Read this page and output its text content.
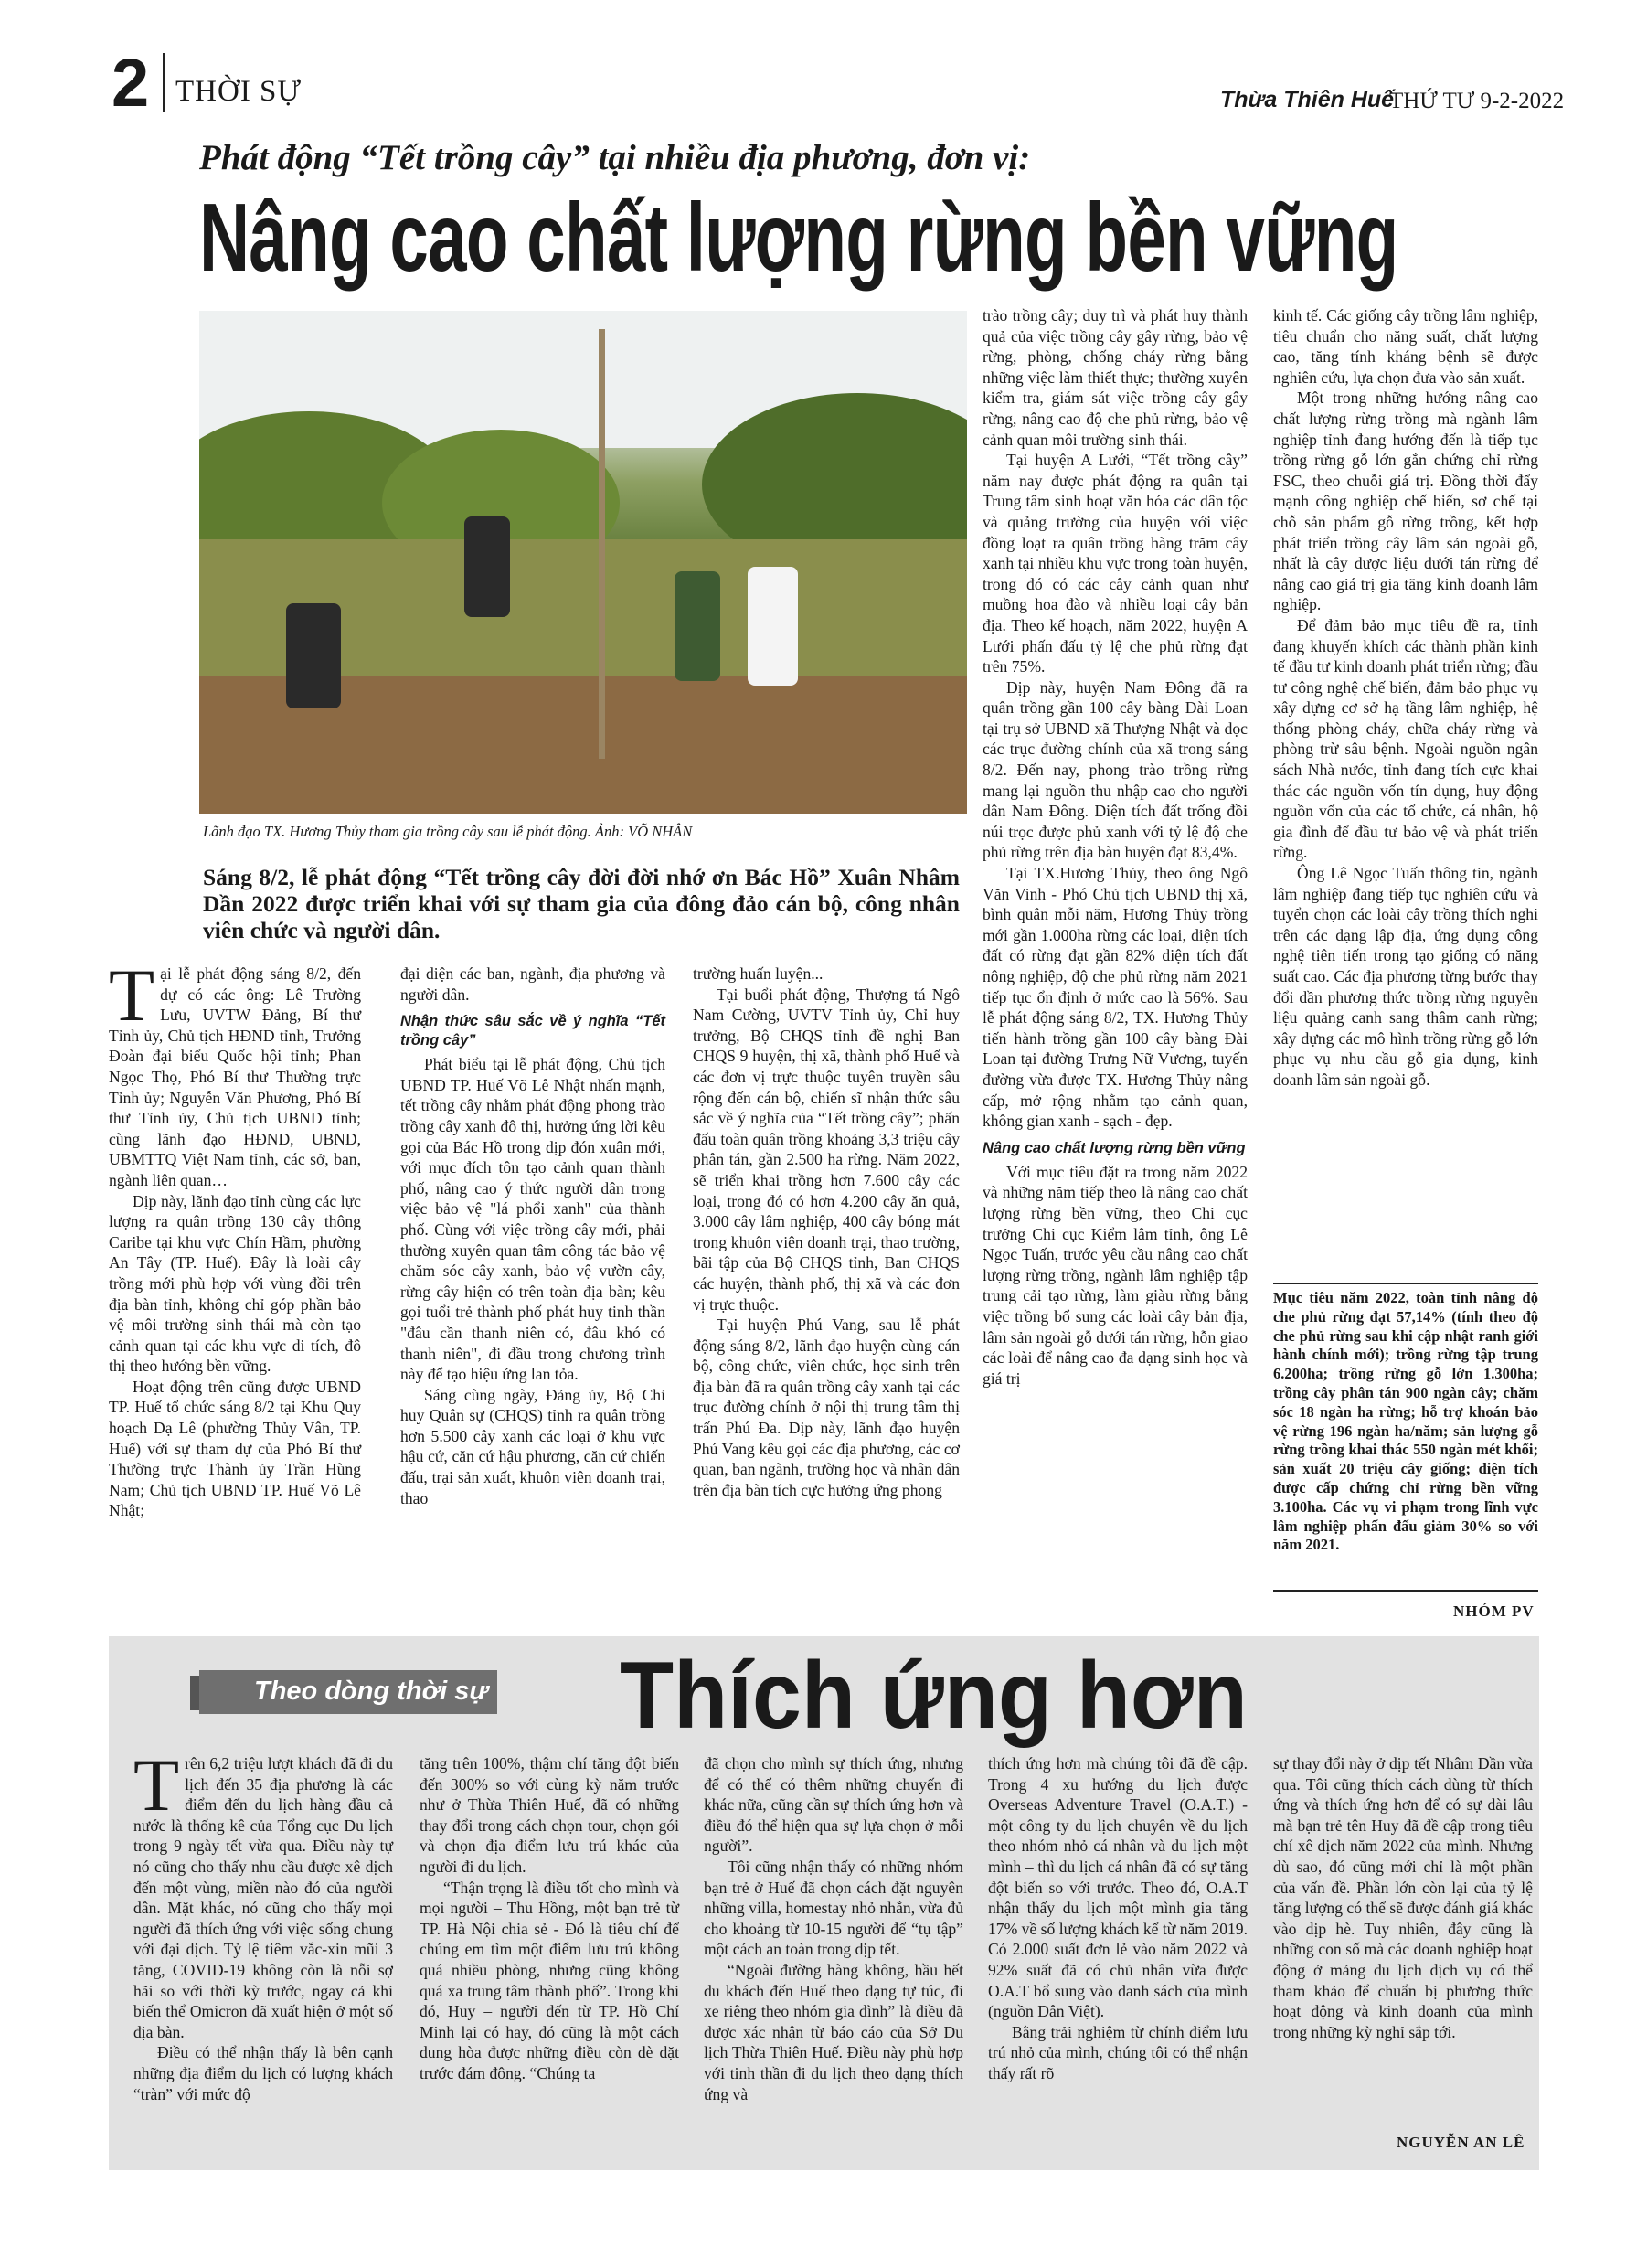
2 THỜI SỰ	Thừa Thiên Huế
THỨ TƯ 9-2-2022
Phát động “Tết trồng cây” tại nhiều địa phương, đơn vị:
Nâng cao chất lượng rừng bền vững
Lãnh đạo TX. Hương Thủy tham gia trồng cây sau lễ phát động. Ảnh: VÕ NHÂN
Sáng 8/2, lễ phát động “Tết trồng cây đời đời nhớ ơn Bác Hồ” Xuân Nhâm Dần 2022 được triển khai với sự tham gia của đông đảo cán bộ, công nhân viên chức và người dân.

Tại lễ phát động sáng 8/2, đến dự có các ông: Lê Trường Lưu, UVTW Đảng, Bí thư Tỉnh ủy, Chủ tịch HĐND tỉnh, Trưởng Đoàn đại biểu Quốc hội tỉnh; Phan Ngọc Thọ, Phó Bí thư Thường trực Tỉnh ủy; Nguyễn Văn Phương, Phó Bí thư Tỉnh ủy, Chủ tịch UBND tỉnh; cùng lãnh đạo HĐND, UBND, UBMTTQ Việt Nam tỉnh, các sở, ban, ngành liên quan…

Dịp này, lãnh đạo tỉnh cùng các lực lượng ra quân trồng 130 cây thông Caribe tại khu vực Chín Hầm, phường An Tây (TP. Huế). Đây là loài cây trồng mới phù hợp với vùng đồi trên địa bàn tỉnh, không chỉ góp phần bảo vệ môi trường sinh thái mà còn tạo cảnh quan tại các khu vực di tích, đô thị theo hướng bền vững.

Hoạt động trên cũng được UBND TP. Huế tổ chức sáng 8/2 tại Khu Quy hoạch Dạ Lê (phường Thủy Vân, TP. Huế) với sự tham dự của Phó Bí thư Thường trực Thành ủy Trần Hùng Nam; Chủ tịch UBND TP. Huế Võ Lê Nhật;

đại diện các ban, ngành, địa phương và người dân.

Nhận thức sâu sắc về ý nghĩa “Tết trồng cây”

Phát biểu tại lễ phát động, Chủ tịch UBND TP. Huế Võ Lê Nhật nhấn mạnh, tết trồng cây nhằm phát động phong trào trồng cây xanh đô thị, hưởng ứng lời kêu gọi của Bác Hồ trong dịp đón xuân mới, với mục đích tôn tạo cảnh quan thành phố, nâng cao ý thức người dân trong việc bảo vệ "lá phổi xanh" của thành phố. Cùng với việc trồng cây mới, phải thường xuyên quan tâm công tác bảo vệ chăm sóc cây xanh, bảo vệ vườn cây, rừng cây hiện có trên toàn địa bàn; kêu gọi tuổi trẻ thành phố phát huy tinh thần "đâu cần thanh niên có, đâu khó có thanh niên", đi đầu trong chương trình này để tạo hiệu ứng lan tỏa.

Sáng cùng ngày, Đảng ủy, Bộ Chỉ huy Quân sự (CHQS) tỉnh ra quân trồng hơn 5.500 cây xanh các loại ở khu vực hậu cứ, căn cứ hậu phương, căn cứ chiến đấu, trại sản xuất, khuôn viên doanh trại, thao

trường huấn luyện...

Tại buổi phát động, Thượng tá Ngô Nam Cường, UVTV Tỉnh ủy, Chỉ huy trưởng, Bộ CHQS tỉnh đề nghị Ban CHQS 9 huyện, thị xã, thành phố Huế và các đơn vị trực thuộc tuyên truyền sâu rộng đến cán bộ, chiến sĩ nhận thức sâu sắc về ý nghĩa của “Tết trồng cây”; phấn đấu toàn quân trồng khoảng 3,3 triệu cây phân tán, gần 2.500 ha rừng. Năm 2022, sẽ triển khai trồng hơn 7.600 cây các loại, trong đó có hơn 4.200 cây ăn quả, 3.000 cây lâm nghiệp, 400 cây bóng mát trong khuôn viên doanh trại, thao trường, bãi tập của Bộ CHQS tỉnh, Ban CHQS các huyện, thành phố, thị xã và các đơn vị trực thuộc.

Tại huyện Phú Vang, sau lễ phát động sáng 8/2, lãnh đạo huyện cùng cán bộ, công chức, viên chức, học sinh trên địa bàn đã ra quân trồng cây xanh tại các trục đường chính ở nội thị trung tâm thị trấn Phú Đa. Dịp này, lãnh đạo huyện Phú Vang kêu gọi các địa phương, các cơ quan, ban ngành, trường học và nhân dân trên địa bàn tích cực hưởng ứng phong

trào trồng cây; duy trì và phát huy thành quả của việc trồng cây gây rừng, bảo vệ rừng, phòng, chống cháy rừng bằng những việc làm thiết thực; thường xuyên kiểm tra, giám sát việc trồng cây gây rừng, nâng cao độ che phủ rừng, bảo vệ cảnh quan môi trường sinh thái.

Tại huyện A Lưới, “Tết trồng cây” năm nay được phát động ra quân tại Trung tâm sinh hoạt văn hóa các dân tộc và quảng trường của huyện với việc đồng loạt ra quân trồng hàng trăm cây xanh tại nhiều khu vực trong toàn huyện, trong đó có các cây cảnh quan như muồng hoa đào và nhiều loại cây bản địa. Theo kế hoạch, năm 2022, huyện A Lưới phấn đấu tỷ lệ che phủ rừng đạt trên 75%.

Dịp này, huyện Nam Đông đã ra quân trồng gần 100 cây bàng Đài Loan tại trụ sở UBND xã Thượng Nhật và dọc các trục đường chính của xã trong sáng 8/2. Đến nay, phong trào trồng rừng mang lại nguồn thu nhập cao cho người dân Nam Đông. Diện tích đất trống đồi núi trọc được phủ xanh với tỷ lệ độ che phủ rừng trên địa bàn huyện đạt 83,4%.

Tại TX.Hương Thủy, theo ông Ngô Văn Vinh - Phó Chủ tịch UBND thị xã, bình quân mỗi năm, Hương Thủy trồng mới gần 1.000ha rừng các loại, diện tích đất có rừng đạt gần 82% diện tích đất nông nghiệp, độ che phủ rừng năm 2021 tiếp tục ổn định ở mức cao là 56%. Sau lễ phát động sáng 8/2, TX. Hương Thủy tiến hành trồng gần 100 cây bàng Đài Loan tại đường Trưng Nữ Vương, tuyến đường vừa được TX. Hương Thủy nâng cấp, mở rộng nhằm tạo cảnh quan, không gian xanh - sạch - đẹp.

Nâng cao chất lượng rừng bền vững

Với mục tiêu đặt ra trong năm 2022 và những năm tiếp theo là nâng cao chất lượng rừng bền vững, theo Chi cục trưởng Chi cục Kiểm lâm tỉnh, ông Lê Ngọc Tuấn, trước yêu cầu nâng cao chất lượng rừng trồng, ngành lâm nghiệp tập trung cải tạo rừng, làm giàu rừng bằng việc trồng bổ sung các loài cây bản địa, lâm sản ngoài gỗ dưới tán rừng, hỗn giao các loài để nâng cao đa dạng sinh học và giá trị

kinh tế. Các giống cây trồng lâm nghiệp, tiêu chuẩn cho năng suất, chất lượng cao, tăng tính kháng bệnh sẽ được nghiên cứu, lựa chọn đưa vào sản xuất.

Một trong những hướng nâng cao chất lượng rừng trồng mà ngành lâm nghiệp tỉnh đang hướng đến là tiếp tục trồng rừng gỗ lớn gắn chứng chỉ rừng FSC, theo chuỗi giá trị. Đồng thời đẩy mạnh công nghiệp chế biến, sơ chế tại chỗ sản phẩm gỗ rừng trồng, kết hợp phát triển trồng cây lâm sản ngoài gỗ, nhất là cây dược liệu dưới tán rừng để nâng cao giá trị gia tăng kinh doanh lâm nghiệp.

Để đảm bảo mục tiêu đề ra, tỉnh đang khuyến khích các thành phần kinh tế đầu tư kinh doanh phát triển rừng; đầu tư công nghệ chế biến, đảm bảo phục vụ xây dựng cơ sở hạ tầng lâm nghiệp, hệ thống phòng cháy, chữa cháy rừng và phòng trừ sâu bệnh. Ngoài nguồn ngân sách Nhà nước, tỉnh đang tích cực khai thác các nguồn vốn tín dụng, huy động nguồn vốn của các tổ chức, cá nhân, hộ gia đình để đầu tư bảo vệ và phát triển rừng.

Ông Lê Ngọc Tuấn thông tin, ngành lâm nghiệp đang tiếp tục nghiên cứu và tuyển chọn các loài cây trồng thích nghi trên các dạng lập địa, ứng dụng công nghệ tiên tiến trong tạo giống có năng suất cao. Các địa phương từng bước thay đổi dần phương thức trồng rừng nguyên liệu quảng canh sang thâm canh rừng; xây dựng các mô hình trồng rừng gỗ lớn phục vụ nhu cầu gỗ gia dụng, kinh doanh lâm sản ngoài gỗ.

Mục tiêu năm 2022, toàn tỉnh nâng độ che phủ rừng đạt 57,14% (tính theo độ che phủ rừng sau khi cập nhật ranh giới hành chính mới); trồng rừng tập trung 6.200ha; trồng rừng gỗ lớn 1.300ha; trồng cây phân tán 900 ngàn cây; chăm sóc 18 ngàn ha rừng; hỗ trợ khoán bảo vệ rừng 196 ngàn ha/năm; sản lượng gỗ rừng trồng khai thác 550 ngàn mét khối; sản xuất 20 triệu cây giống; diện tích được cấp chứng chỉ rừng bền vững 3.100ha. Các vụ vi phạm trong lĩnh vực lâm nghiệp phấn đấu giảm 30% so với năm 2021.
NHÓM PV
Theo dòng thời sự Thích ứng hơn

Trên 6,2 triệu lượt khách đã đi du lịch đến 35 địa phương là các điểm đến du lịch hàng đầu cả nước là thống kê của Tổng cục Du lịch trong 9 ngày tết vừa qua. Điều này tự nó cũng cho thấy nhu cầu được xê dịch đến một vùng, miền nào đó của người dân. Mặt khác, nó cũng cho thấy mọi người đã thích ứng với việc sống chung với đại dịch. Tỷ lệ tiêm vắc-xin mũi 3 tăng, COVID-19 không còn là nỗi sợ hãi so với thời kỳ trước, ngay cả khi biến thể Omicron đã xuất hiện ở một số địa bàn.

Điều có thể nhận thấy là bên cạnh những địa điểm du lịch có lượng khách “tràn” với mức độ

tăng trên 100%, thậm chí tăng đột biến đến 300% so với cùng kỳ năm trước như ở Thừa Thiên Huế, đã có những thay đổi trong cách chọn tour, chọn gói và chọn địa điểm lưu trú khác của người đi du lịch.

“Thận trọng là điều tốt cho mình và mọi người – Thu Hồng, một bạn trẻ từ TP. Hà Nội chia sẻ - Đó là tiêu chí để chúng em tìm một điểm lưu trú không quá nhiều phòng, nhưng cũng không quá xa trung tâm thành phố”. Trong khi đó, Huy – người đến từ TP. Hồ Chí Minh lại có hay, đó cũng là một cách dung hòa được những điều còn dè dặt trước đám đông. “Chúng ta

đã chọn cho mình sự thích ứng, nhưng để có thể có thêm những chuyến đi khác nữa, cũng cần sự thích ứng hơn và điều đó thể hiện qua sự lựa chọn ở mỗi người”.

Tôi cũng nhận thấy có những nhóm bạn trẻ ở Huế đã chọn cách đặt nguyên những villa, homestay nhỏ nhắn, vừa đủ cho khoảng từ 10-15 người để “tụ tập” một cách an toàn trong dịp tết.

“Ngoài đường hàng không, hầu hết du khách đến Huế theo dạng tự túc, đi xe riêng theo nhóm gia đình” là điều đã được xác nhận từ báo cáo của Sở Du lịch Thừa Thiên Huế. Điều này phù hợp với tinh thần đi du lịch theo dạng thích ứng và

thích ứng hơn mà chúng tôi đã đề cập. Trong 4 xu hướng du lịch được Overseas Adventure Travel (O.A.T.) - một công ty du lịch chuyên về du lịch theo nhóm nhỏ cá nhân và du lịch một mình – thì du lịch cá nhân đã có sự tăng đột biến so với trước. Theo đó, O.A.T nhận thấy du lịch một mình gia tăng 17% về số lượng khách kể từ năm 2019. Có 2.000 suất đơn lẻ vào năm 2022 và 92% suất đã có chủ nhân vừa được O.A.T bổ sung vào danh sách của mình (nguồn Dân Việt).

Bằng trải nghiệm từ chính điểm lưu trú nhỏ của mình, chúng tôi có thể nhận thấy rất rõ

sự thay đổi này ở dịp tết Nhâm Dần vừa qua. Tôi cũng thích cách dùng từ thích ứng và thích ứng hơn để có sự dài lâu mà bạn trẻ tên Huy đã đề cập trong tiêu chí xê dịch năm 2022 của mình. Nhưng dù sao, đó cũng mới chỉ là một phần của vấn đề. Phần lớn còn lại của tỷ lệ tăng lượng có thể sẽ được đánh giá khác vào dịp hè. Tuy nhiên, đây cũng là những con số mà các doanh nghiệp hoạt động ở mảng du lịch dịch vụ có thể tham khảo để chuẩn bị phương thức hoạt động và kinh doanh của mình trong những kỳ nghỉ sắp tới.

NGUYỄN AN LÊ
